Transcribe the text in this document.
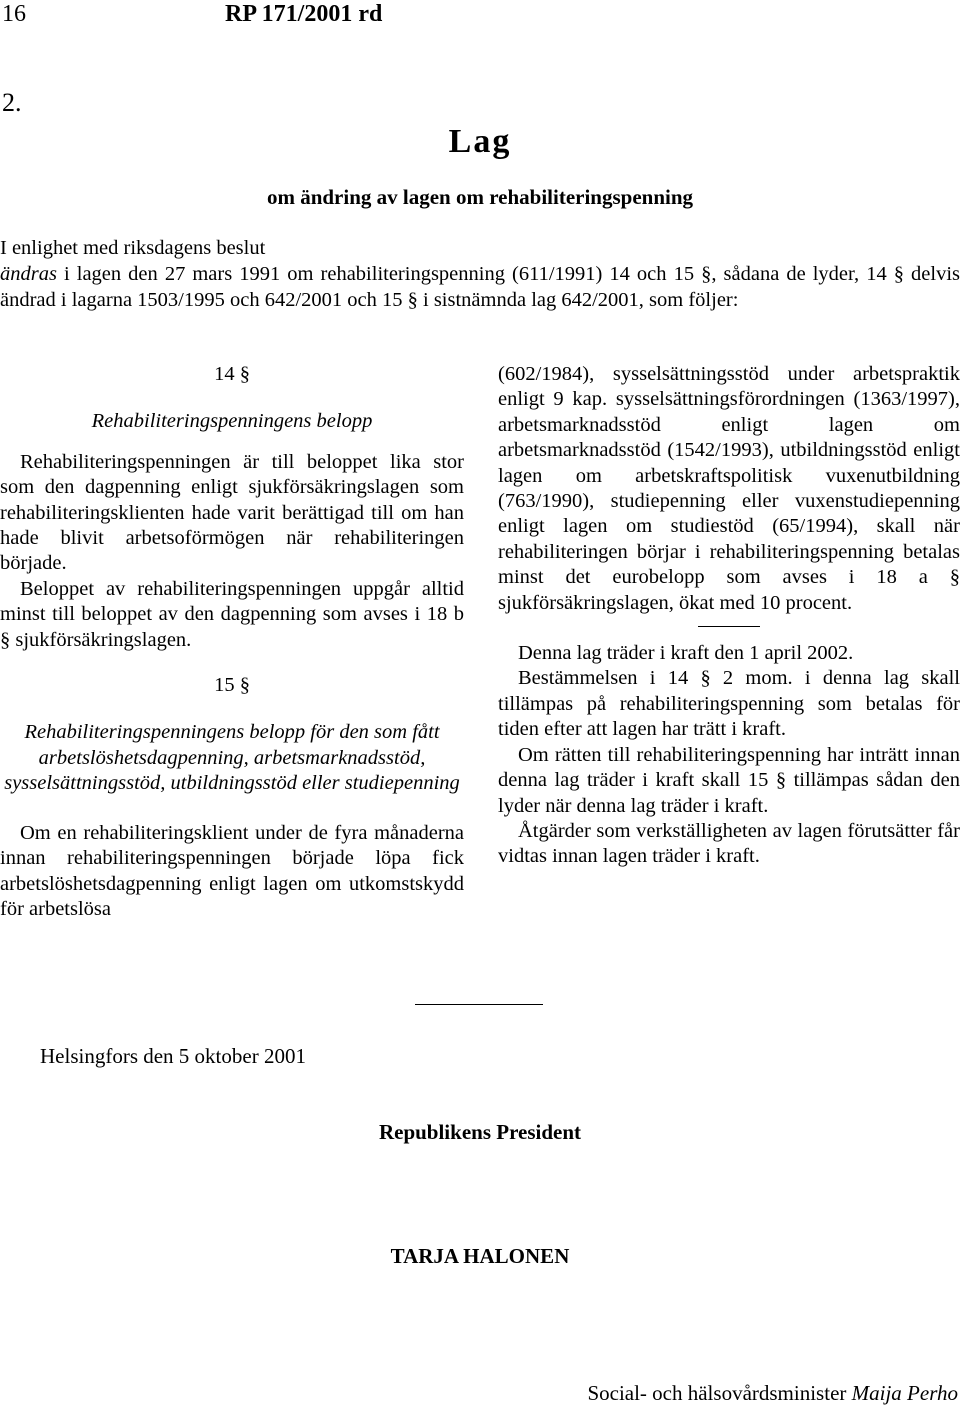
16	RP 171/2001 rd
2.
Lag
om ändring av lagen om rehabiliteringspenning

I enlighet med riksdagens beslut

ändras i lagen den 27 mars 1991 om rehabiliteringspenning (611/1991) 14 och 15 §, sådana de lyder, 14 § delvis ändrad i lagarna 1503/1995 och 642/2001 och 15 § i sistnämnda lag 642/2001, som följer:

14 §

Rehabiliteringspenningens belopp

Rehabiliteringspenningen är till beloppet lika stor som den dagpenning enligt sjukförsäkringslagen som rehabiliteringsklienten hade varit berättigad till om han hade blivit arbetsoförmögen när rehabiliteringen började.

Beloppet av rehabiliteringspenningen uppgår alltid minst till beloppet av den dagpenning som avses i 18 b § sjukförsäkringslagen.

15 §

Rehabiliteringspenningens belopp för den som fått arbetslöshetsdagpenning, arbetsmarknadsstöd, sysselsättningsstöd, utbildningsstöd eller studiepenning

Om en rehabiliteringsklient under de fyra månaderna innan rehabiliteringspenningen började löpa fick arbetslöshetsdagpenning enligt lagen om utkomstskydd för arbetslösa

(602/1984), sysselsättningsstöd under arbetspraktik enligt 9 kap. sysselsättningsförordningen (1363/1997), arbetsmarknadsstöd enligt lagen om arbetsmarknadsstöd (1542/1993), utbildningsstöd enligt lagen om arbetskraftspolitisk vuxenutbildning (763/1990), studiepenning eller vuxenstudiepenning enligt lagen om studiestöd (65/1994), skall när rehabiliteringen börjar i rehabiliteringspenning betalas minst det eurobelopp som avses i 18 a § sjukförsäkringslagen, ökat med 10 procent.

Denna lag träder i kraft den 1 april 2002.

Bestämmelsen i 14 § 2 mom. i denna lag skall tillämpas på rehabiliteringspenning som betalas för tiden efter att lagen har trätt i kraft.

Om rätten till rehabiliteringspenning har inträtt innan denna lag träder i kraft skall 15 § tillämpas sådan den lyder när denna lag träder i kraft.

Åtgärder som verkställigheten av lagen förutsätter får vidtas innan lagen träder i kraft.

Helsingfors den 5 oktober 2001
Republikens President
TARJA HALONEN
Social- och hälsovårdsminister Maija Perho
